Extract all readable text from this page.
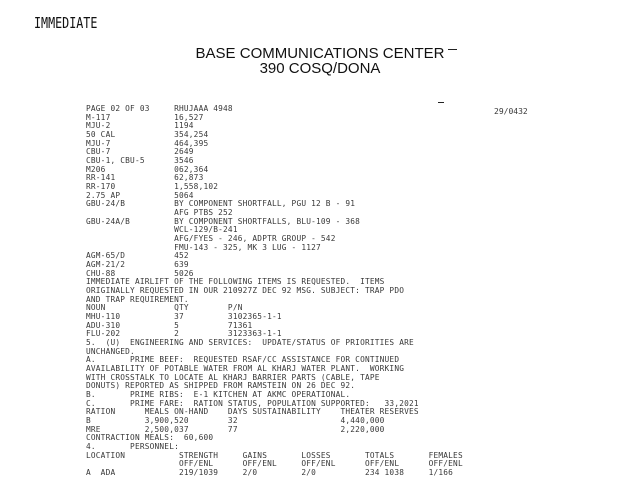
IMMEDIATE
BASE COMMUNICATIONS CENTER
390 COSQ/DONA
29/0432
PAGE 02 OF 03     RHUJAAA 4948
M-117             16,527
MJU-2             1194
50 CAL            354,254
MJU-7             464,395
CBU-7             2649
CBU-1, CBU-5      3546
M206              062,364
RR-141            62,873
RR-170            1,558,102
2.75 AP           5064
GBU-24/B          BY COMPONENT SHORTFALL, PGU 12 B - 91
AFG PTBS 252
GBU-24A/B         BY COMPONENT SHORTFALLS, BLU-109 - 368
WCL-129/B-241
AFG/FYES - 246, ADPTR GROUP - 542
FMU-143 - 325, MK 3 LUG - 1127
AGM-65/D          452
AGM-21/2          639
CHU-88            5026
IMMEDIATE AIRLIFT OF THE FOLLOWING ITEMS IS REQUESTED.  ITEMS
ORIGINALLY REQUESTED IN OUR 210927Z DEC 92 MSG. SUBJECT: TRAP PDO
AND TRAP REQUIREMENT.
NOUN              QTY        P/N
MHU-110           37         3102365-1-1
ADU-310           5          71361
FLU-202           2          3123363-1-1
5.  (U)  ENGINEERING AND SERVICES:  UPDATE/STATUS OF PRIORITIES ARE
UNCHANGED.
A.       PRIME BEEF:  REQUESTED RSAF/CC ASSISTANCE FOR CONTINUED
AVAILABILITY OF POTABLE WATER FROM AL KHARJ WATER PLANT.  WORKING
WITH CROSSTALK TO LOCATE AL KHARJ BARRIER PARTS (CABLE, TAPE
DONUTS) REPORTED AS SHIPPED FROM RAMSTEIN ON 26 DEC 92.
B.       PRIME RIBS:  E-1 KITCHEN AT AKMC OPERATIONAL.
C.       PRIME FARE:  RATION STATUS, POPULATION SUPPORTED:   33,2021
RATION      MEALS ON-HAND    DAYS SUSTAINABILITY    THEATER RESERVES
B           3,900,520        32                     4,440,000
MRE         2,500,037        77                     2,220,000
CONTRACTION MEALS:  60,600
4.       PERSONNEL:
LOCATION           STRENGTH     GAINS       LOSSES       TOTALS       FEMALES
OFF/ENL      OFF/ENL     OFF/ENL      OFF/ENL      OFF/ENL
A  ADA             219/1039     2/0         2/0          234 1038     1/166
